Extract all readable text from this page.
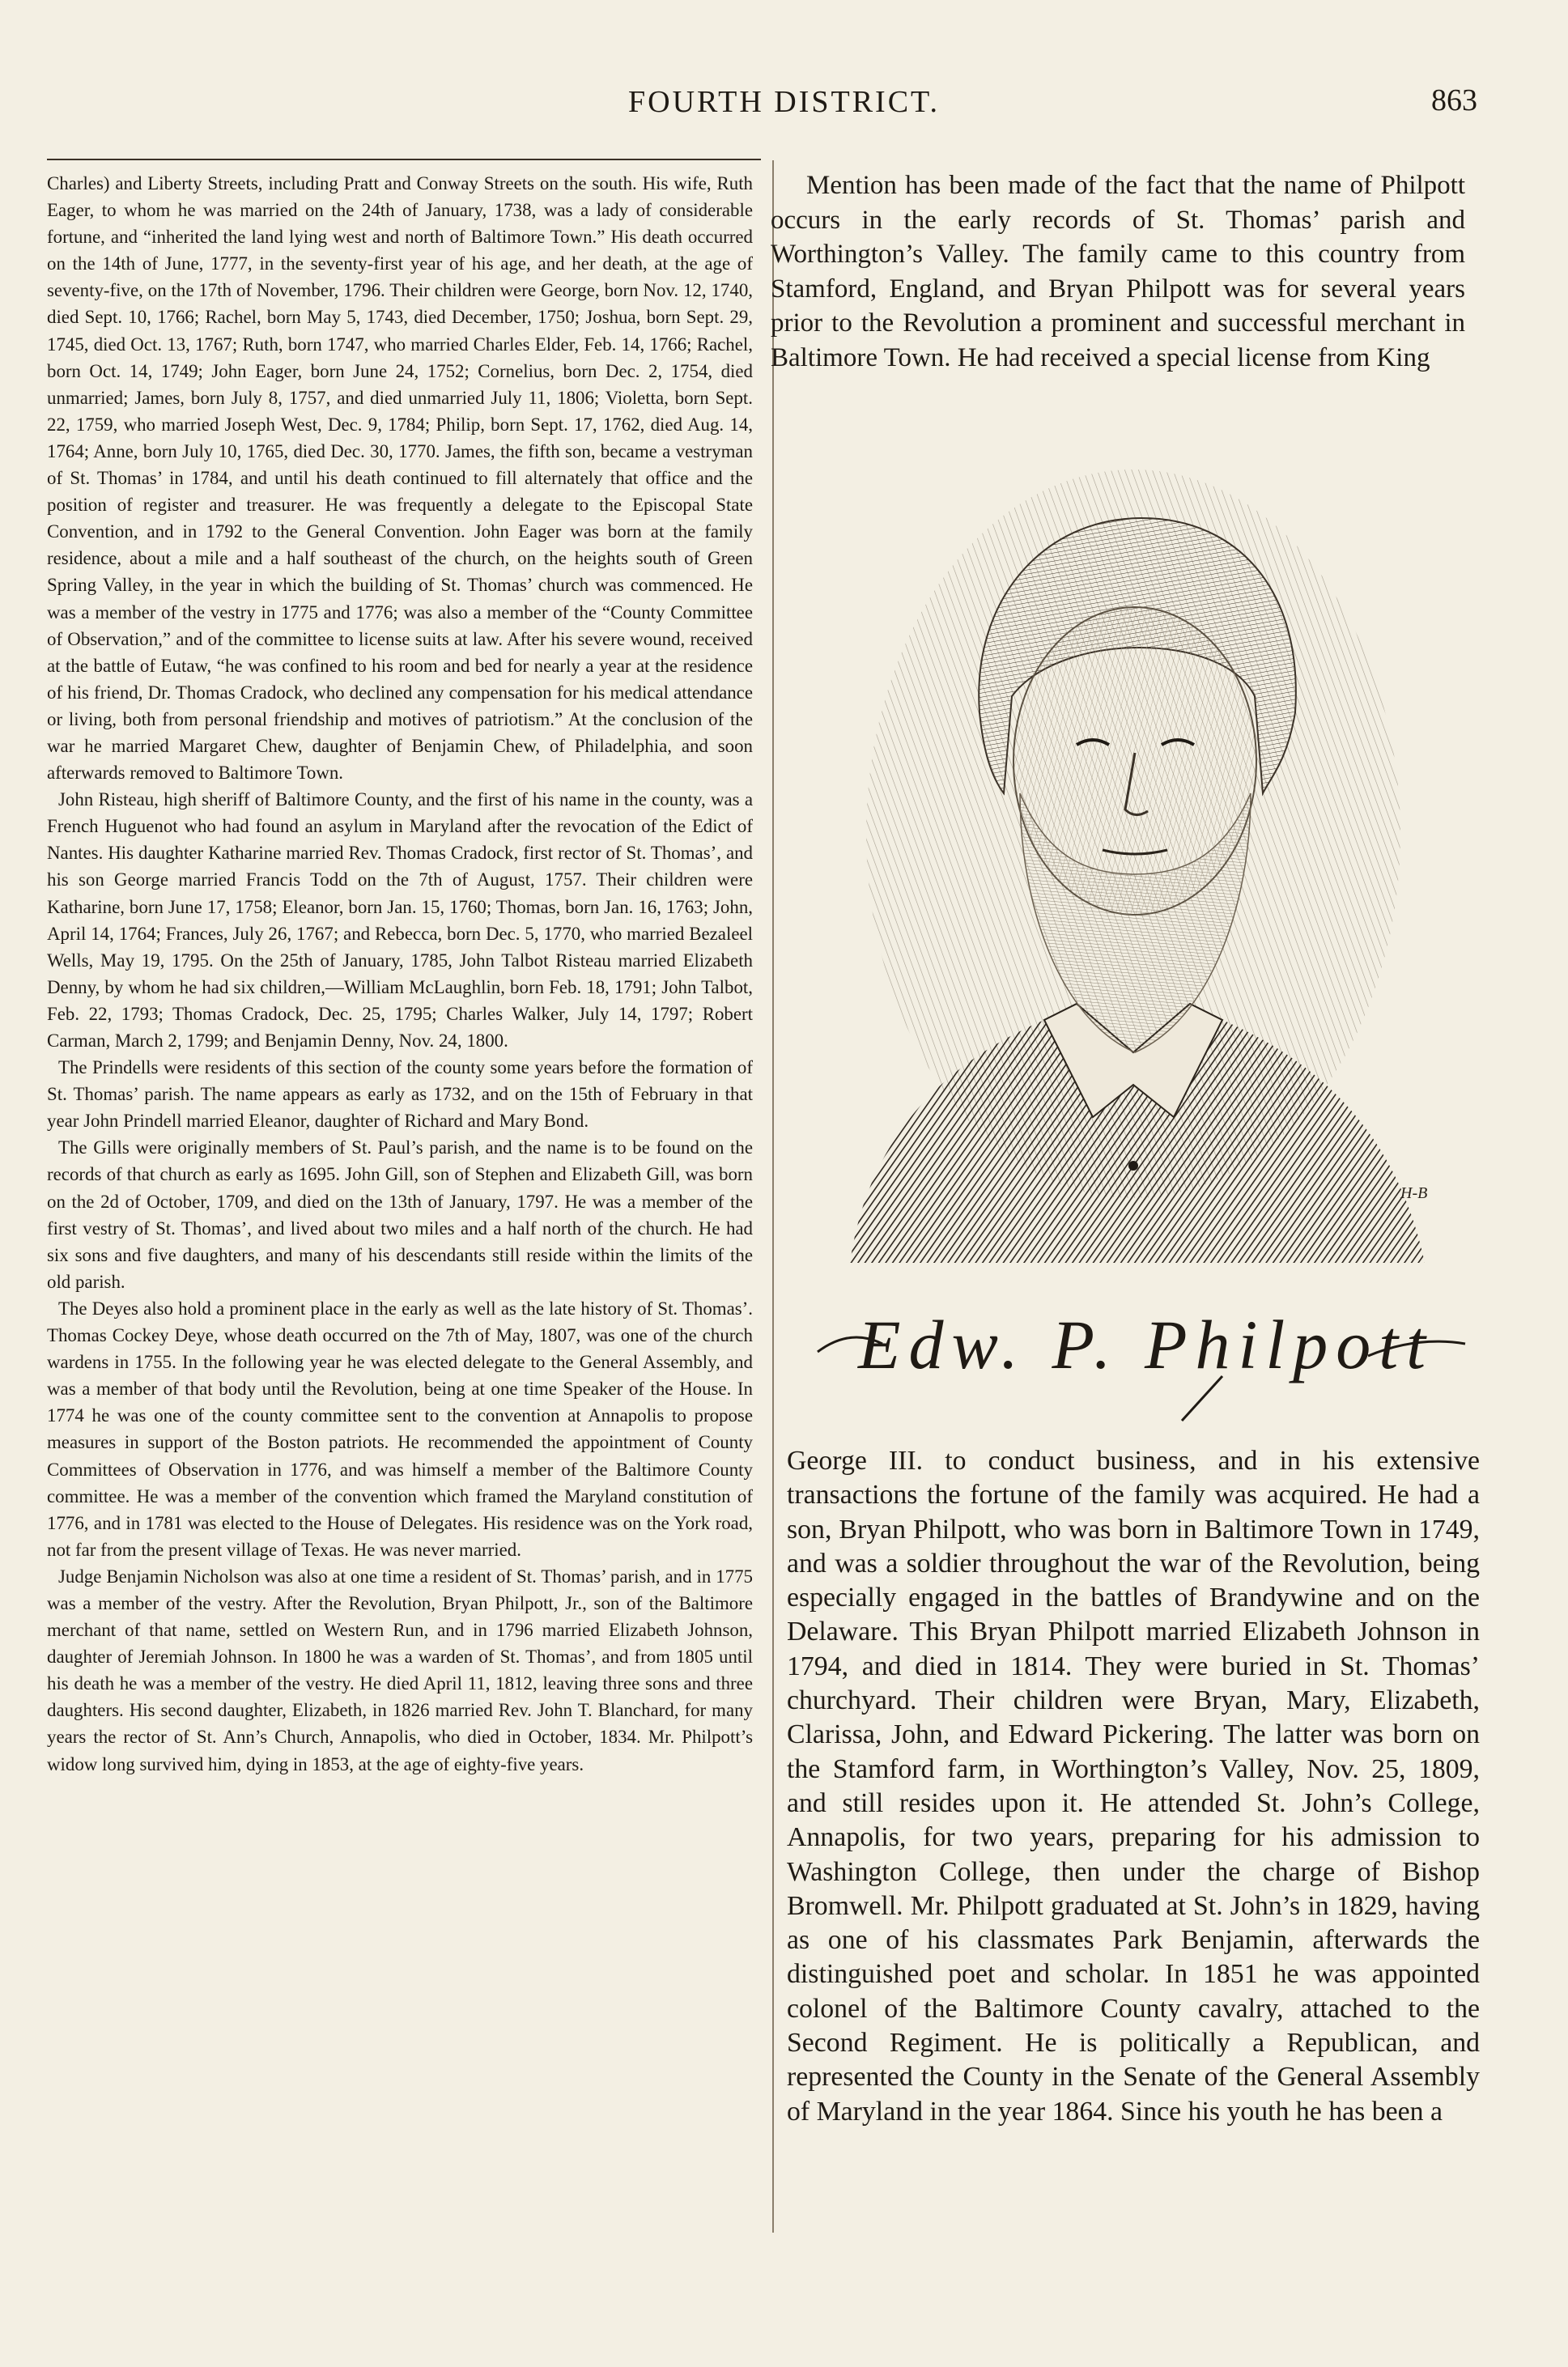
FOURTH DISTRICT.	863

Charles) and Liberty Streets, including Pratt and Conway Streets on the south. His wife, Ruth Eager, to whom he was married on the 24th of January, 1738, was a lady of considerable fortune, and “inherited the land lying west and north of Baltimore Town.” His death occurred on the 14th of June, 1777, in the seventy-first year of his age, and her death, at the age of seventy-five, on the 17th of November, 1796. Their children were George, born Nov. 12, 1740, died Sept. 10, 1766; Rachel, born May 5, 1743, died December, 1750; Joshua, born Sept. 29, 1745, died Oct. 13, 1767; Ruth, born 1747, who married Charles Elder, Feb. 14, 1766; Rachel, born Oct. 14, 1749; John Eager, born June 24, 1752; Cornelius, born Dec. 2, 1754, died unmarried; James, born July 8, 1757, and died unmarried July 11, 1806; Violetta, born Sept. 22, 1759, who married Joseph West, Dec. 9, 1784; Philip, born Sept. 17, 1762, died Aug. 14, 1764; Anne, born July 10, 1765, died Dec. 30, 1770. James, the fifth son, became a vestryman of St. Thomas’ in 1784, and until his death continued to fill alternately that office and the position of register and treasurer. He was frequently a delegate to the Episcopal State Convention, and in 1792 to the General Convention. John Eager was born at the family residence, about a mile and a half southeast of the church, on the heights south of Green Spring Valley, in the year in which the building of St. Thomas’ church was commenced. He was a member of the vestry in 1775 and 1776; was also a member of the “County Committee of Observation,” and of the committee to license suits at law. After his severe wound, received at the battle of Eutaw, “he was confined to his room and bed for nearly a year at the residence of his friend, Dr. Thomas Cradock, who declined any compensation for his medical attendance or living, both from personal friendship and motives of patriotism.” At the conclusion of the war he married Margaret Chew, daughter of Benjamin Chew, of Philadelphia, and soon afterwards removed to Baltimore Town.

John Risteau, high sheriff of Baltimore County, and the first of his name in the county, was a French Huguenot who had found an asylum in Maryland after the revocation of the Edict of Nantes. His daughter Katharine married Rev. Thomas Cradock, first rector of St. Thomas’, and his son George married Francis Todd on the 7th of August, 1757. Their children were Katharine, born June 17, 1758; Eleanor, born Jan. 15, 1760; Thomas, born Jan. 16, 1763; John, April 14, 1764; Frances, July 26, 1767; and Rebecca, born Dec. 5, 1770, who married Bezaleel Wells, May 19, 1795. On the 25th of January, 1785, John Talbot Risteau married Elizabeth Denny, by whom he had six children,—William McLaughlin, born Feb. 18, 1791; John Talbot, Feb. 22, 1793; Thomas Cradock, Dec. 25, 1795; Charles Walker, July 14, 1797; Robert Carman, March 2, 1799; and Benjamin Denny, Nov. 24, 1800.

The Prindells were residents of this section of the county some years before the formation of St. Thomas’ parish. The name appears as early as 1732, and on the 15th of February in that year John Prindell married Eleanor, daughter of Richard and Mary Bond.

The Gills were originally members of St. Paul’s parish, and the name is to be found on the records of that church as early as 1695. John Gill, son of Stephen and Elizabeth Gill, was born on the 2d of October, 1709, and died on the 13th of January, 1797. He was a member of the first vestry of St. Thomas’, and lived about two miles and a half north of the church. He had six sons and five daughters, and many of his descendants still reside within the limits of the old parish.

The Deyes also hold a prominent place in the early as well as the late history of St. Thomas’. Thomas Cockey Deye, whose death occurred on the 7th of May, 1807, was one of the church wardens in 1755. In the following year he was elected delegate to the General Assembly, and was a member of that body until the Revolution, being at one time Speaker of the House. In 1774 he was one of the county committee sent to the convention at Annapolis to propose measures in support of the Boston patriots. He recommended the appointment of County Committees of Observation in 1776, and was himself a member of the Baltimore County committee. He was a member of the convention which framed the Maryland constitution of 1776, and in 1781 was elected to the House of Delegates. His residence was on the York road, not far from the present village of Texas. He was never married.

Judge Benjamin Nicholson was also at one time a resident of St. Thomas’ parish, and in 1775 was a member of the vestry. After the Revolution, Bryan Philpott, Jr., son of the Baltimore merchant of that name, settled on Western Run, and in 1796 married Elizabeth Johnson, daughter of Jeremiah Johnson. In 1800 he was a warden of St. Thomas’, and from 1805 until his death he was a member of the vestry. He died April 11, 1812, leaving three sons and three daughters. His second daughter, Elizabeth, in 1826 married Rev. John T. Blanchard, for many years the rector of St. Ann’s Church, Annapolis, who died in October, 1834. Mr. Philpott’s widow long survived him, dying in 1853, at the age of eighty-five years.

Mention has been made of the fact that the name of Philpott occurs in the early records of St. Thomas’ parish and Worthington’s Valley. The family came to this country from Stamford, England, and Bryan Philpott was for several years prior to the Revolution a prominent and successful merchant in Baltimore Town. He had received a special license from King

H-B
Edw. P. Philpott

George III. to conduct business, and in his extensive transactions the fortune of the family was acquired. He had a son, Bryan Philpott, who was born in Baltimore Town in 1749, and was a soldier throughout the war of the Revolution, being especially engaged in the battles of Brandywine and on the Delaware. This Bryan Philpott married Elizabeth Johnson in 1794, and died in 1814. They were buried in St. Thomas’ churchyard. Their children were Bryan, Mary, Elizabeth, Clarissa, John, and Edward Pickering. The latter was born on the Stamford farm, in Worthington’s Valley, Nov. 25, 1809, and still resides upon it. He attended St. John’s College, Annapolis, for two years, preparing for his admission to Washington College, then under the charge of Bishop Bromwell. Mr. Philpott graduated at St. John’s in 1829, having as one of his classmates Park Benjamin, afterwards the distinguished poet and scholar. In 1851 he was appointed colonel of the Baltimore County cavalry, attached to the Second Regiment. He is politically a Republican, and represented the County in the Senate of the General Assembly of Maryland in the year 1864. Since his youth he has been a
